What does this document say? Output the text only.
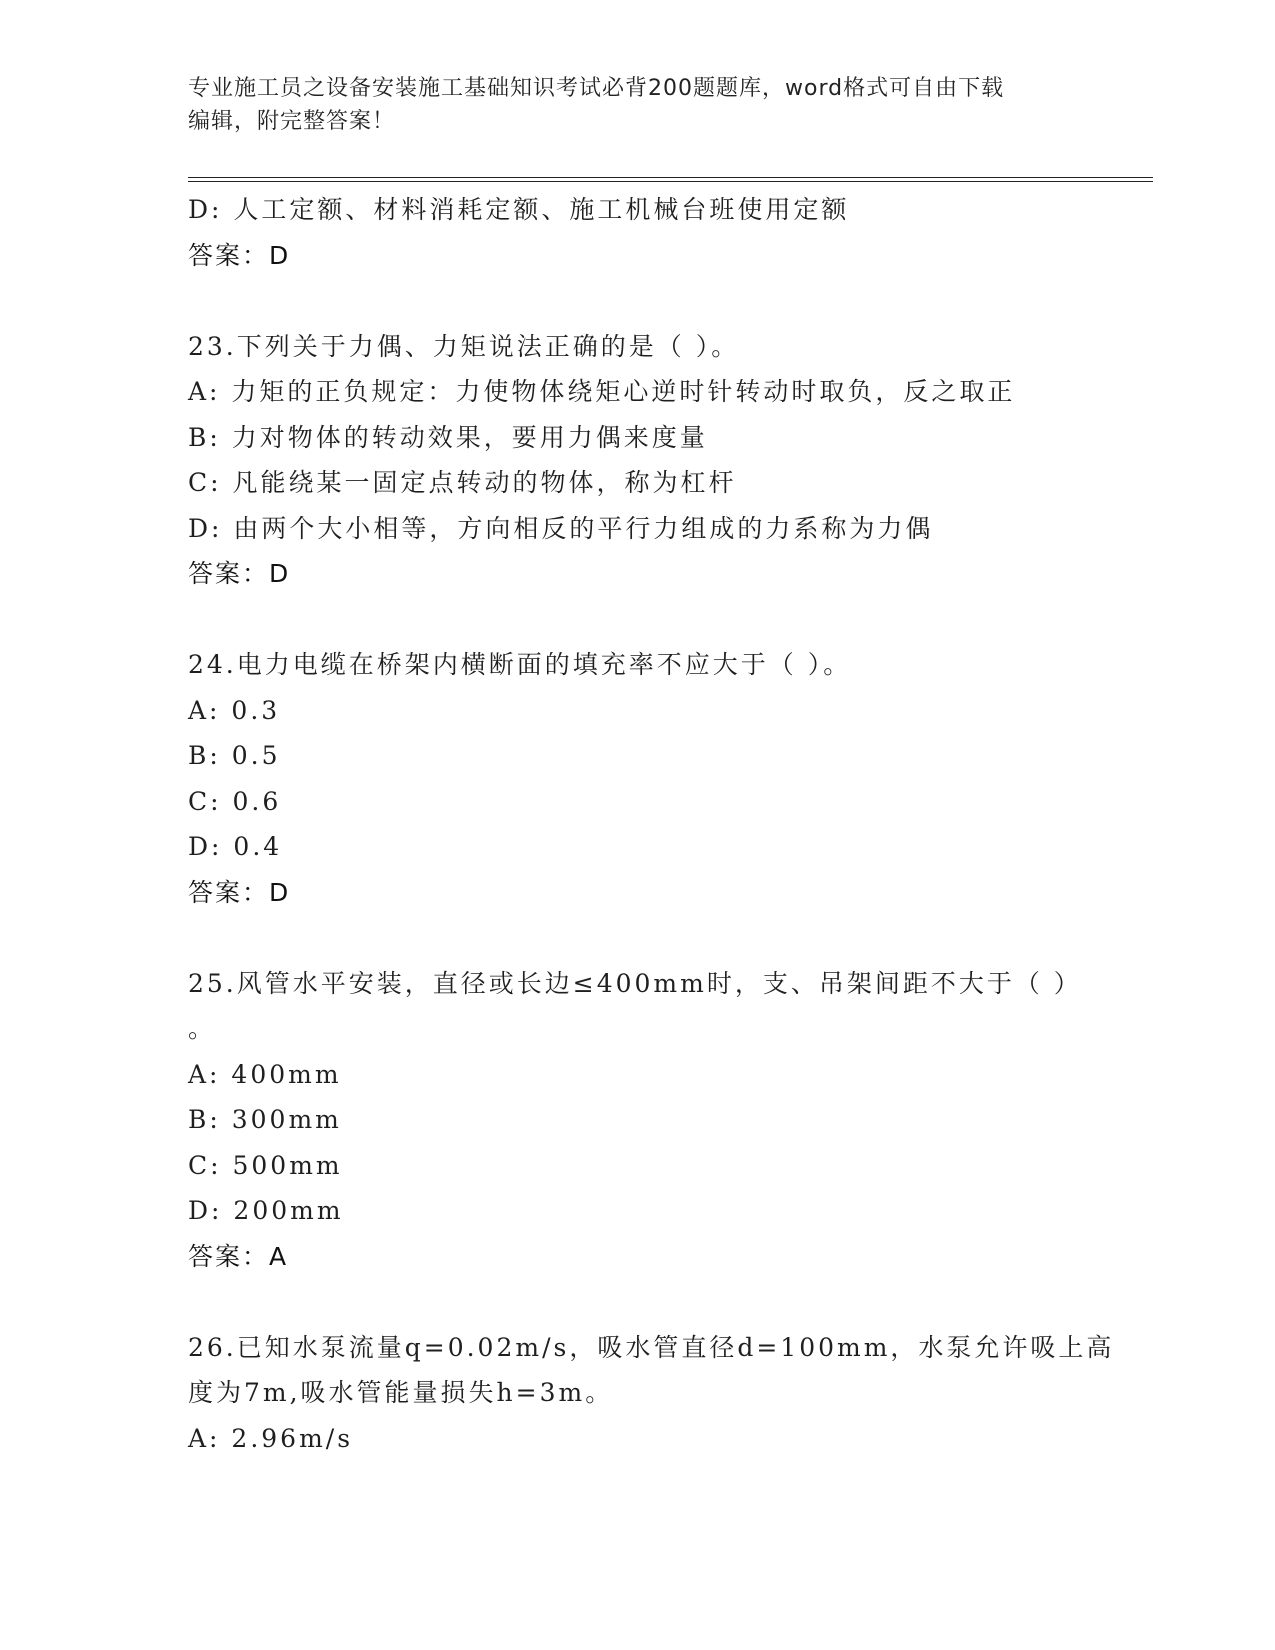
专业施工员之设备安装施工基础知识考试必背200题题库，word格式可自由下载
编辑，附完整答案！
D: 人工定额、材料消耗定额、施工机械台班使用定额
答案：D
23.下列关于力偶、力矩说法正确的是（ ）。
A: 力矩的正负规定：力使物体绕矩心逆时针转动时取负，反之取正
B: 力对物体的转动效果，要用力偶来度量
C: 凡能绕某一固定点转动的物体，称为杠杆
D: 由两个大小相等，方向相反的平行力组成的力系称为力偶
答案：D
24.电力电缆在桥架内横断面的填充率不应大于（ ）。
A: 0.3
B: 0.5
C: 0.6
D: 0.4
答案：D
25.风管水平安装，直径或长边≤400mm时，支、吊架间距不大于（ ）
。
A: 400mm
B: 300mm
C: 500mm
D: 200mm
答案：A
26.已知水泵流量q=0.02m/s，吸水管直径d=100mm，水泵允许吸上高
度为7m,吸水管能量损失h=3m。
A: 2.96m/s
